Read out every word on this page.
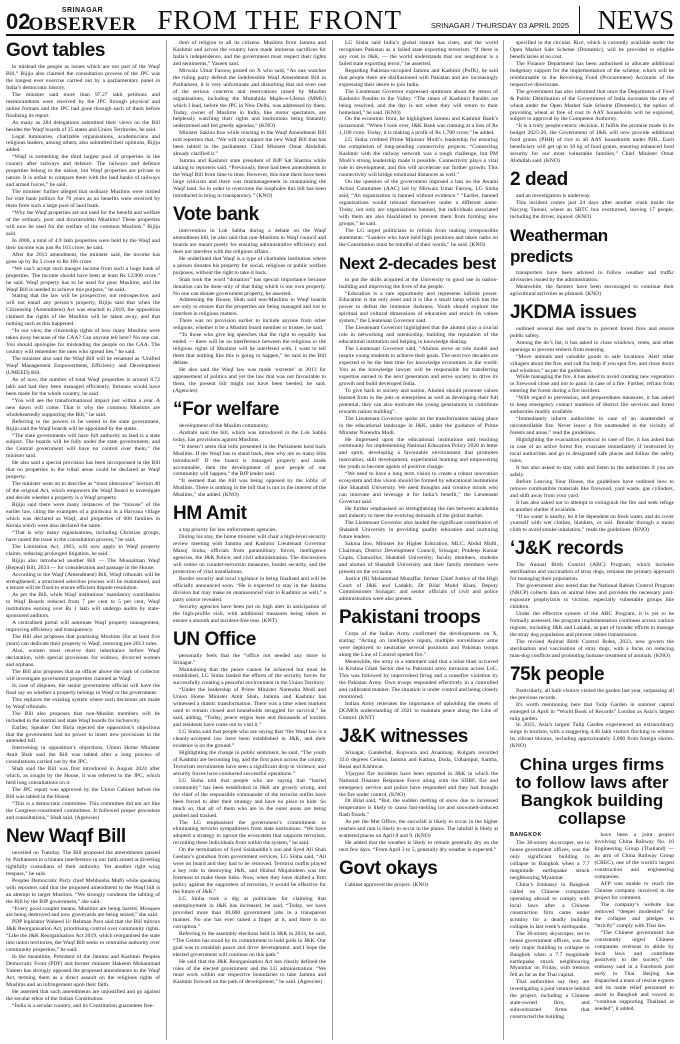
02	SRINAGAR
OBSERVER FROM THE FRONT	SRINAGAR / THURSDAY 03 APRIL 2025	NEWS
Govt tables

to mislead the people as issues which are not part of the Waqf Bill,” Rijiju also claimed the consultation process of the JPC was the longest ever exercise carried out by a parliamentary panel in India’s democratic history.

The minister said more than 97.27 lakh petitions and memorandums were received by the JPC through physical and online formats and the JPC had gone through each of them before finalising its report.

As many as 284 delegations submitted their views on the Bill besides the Waqf boards of 25 states and Union Territories, he said.

Legal luminaries, charitable organisations, academicians and religious leaders, among others, also submitted their opinions, Rijiju added.

“Waqf is something the third largest pool of properties in the country after railways and defence. The railways and defence properties belong to the nation, but Waqf properties are private in nature. It is unfair to compare them with the land banks of railways and armed forces,” he said.

The minister further alleged that ordinary Muslims were misled for vote bank politics for 70 years as no benefits were received by them from such a large pool of land bank.

“Why the Waqf properties are not used for the benefit and welfare of the ordinary, poor and downtrodden Muslims? These properties will now be used for the welfare of the common Muslims,” Rijiju said.

In 2006, a total of 4.9 lakh properties were held by the Waqf and their income was just Rs 163 crore, he said.

After the 2013 amendment, the minister said, the income has gone up by Rs 3 crore to Rs 166 crore.

“We can’t accept such meagre income from such a huge bank of properties. The income should have been at least Rs 12,000 crore,” he said. Waqf property has to be used for poor Muslims, and the Waqf Bill is needed to achieve this purpose,” he said.

Stating that the law will be prospective, not retrospective, and will not entail any person’s property, Rijiju said that when the Citizenship (Amendment) Act was enacted in 2019, the opposition claimed the rights of the Muslims will be taken away, and that nothing such as this happened.

“In our view, the citizenship rights of how many Muslims were taken away because of the CAA? Can anyone tell here? No one can. You should apologise for misleading the people on the CAA. The country will remember the ones who spread lies,” he said.

The minister also said the Waqf Bill will be renamed as ‘Unified Waqf Management Empowerment, Efficiency and Development (UMEED) Bill.

As of now, the number of total Waqf properties is around 8.72 lakh and had they been managed efficiently, fortunes would have been made for the whole country, he said.

“You will see the transformational impact just within a year. A new dawn will come. That is why the common Muslims are wholeheartedly supporting the Bill,” he said.

Referring to the powers to be vested in the state government, Rijiju said the Waqf boards will be appointed by the states.

“The state governments will have full authority as land is a state subject. The boards will be fully under the state governments, and the Central government will have no control over them,” the minister said.

He also said a special provision has been incorporated in the Bill that no properties in the tribal areas could be declared as Waqf property.

The minister went on to describe as “most obnoxious” Section 40 of the original Act, which empowers the Waqf Board to investigate and decide whether a property is a Waqf property.

Rijiju said there were many instances of the “misuse” of the earlier law, citing the examples of a gurdwara in a Haryana village which was declared as Waqf, and properties of 600 families in Kerala which were also declared the same.

“That is why many organisations, including Christian groups, have raised the issue in the consultation process,” he said.

The Limitation Act, 1963, will now apply to Waqf property claims, reducing prolonged litigation, he said.

Rijiju also introduced another Bill — The Mussalman Waqf (Repeal) Bill, 2024 — for consideration and passage in the House.

According to the Waqf (Amendment) Bill, Waqf tribunals will be strengthened, a structured selection process will be maintained, and a tenure will be fixed to ensure efficient dispute resolution.

As per the Bill, while Waqf institutions’ mandatory contribution to Waqf Boards reduced from 7 per cent to 5 per cent, Waqf institutions earning over Rs 1 lakh will undergo audits by state-sponsored auditors.

A centralised portal will automate Waqf property management, improving efficiency and transparency.

The Bill also proposes that practising Muslims (for at least five years) can dedicate their property to Waqf, restoring pre-2013 rules.

Also, women must receive their inheritance before Waqf declaration, with special provisions for widows, divorced women and orphans.

The Bill also proposes that an officer above the rank of collector will investigate government properties claimed as Waqf.

In case of disputes, the senior government official will have the final say on whether a property belongs to Waqf or the government.

This replaces the existing system where such decisions are made by Waqf tribunals.

The Bill also proposes that non-Muslim members will be included in the central and state Waqf boards for inclusivity.

Earlier, Speaker Om Birla rejected the opposition’s objections that the government had no power to insert new provisions in the amended bill.

Intervening in opposition’s objections, Union Home Minister Amit Shah said the Bill was tabled after a long process of consultations carried out by the JPC.

Shah said the Bill was first introduced in August 2024 after which, as sought by the House, it was referred to the JPC, which held long consultations on it.

The JPC report was approved by the Union Cabinet before the Bill was tabled in the House.

“This is a democratic committee. This committee did not act like the Congress-constituted committees. It followed proper procedure and consultations,” Shah said. (Agencies)

New Waqf Bill

unveiled on Tuesday. The Bill proposed the amendments passed by Parliament in a blatant interference in our faith aimed at diverting rightfully custodians of their authority. Yet another right wing trespass,” he said.

Peoples Democratic Party chief Mehbooba Mufti while speaking with reporters said that the proposed amendment to the Waqf bill is an attempt to target Muslims. “We strongly condemn the tabling of the Bill by the BJP government,” she said.

“Every good couplet means, Muslims are being barred, Mosques are being destroyed and now graveyards are being seized,” she said.

PDP legislator Waheed Ur Rehman Para said that the Bill mirrors J&K Reorganisation Act, prioritising control over community rights. “Like the J&K Reorganisation Act 2019, which reorganised the state into union territories, the Waqf Bill seeks to centralise authority over community properties,” he said.

In the meantime, President of the Jammu and Kashmir Peoples Democratic Front (PDF) and former minister Hakeem Mohammad Yaseen has strongly opposed the proposed amendments to the Waqf Act, terming them as a direct assault on the religious rights of Muslims and an infringement upon their faith.

He asserted that such amendments are unjustified and go against the secular ethos of the Indian Constitution.

“India is a secular country, and its Constitution guarantees free-

dom of religion to all its citizens. Muslims from Jammu and Kashmir and across the country have made immense sacrifices for India’s independence, and the government must respect their rights and sentiments,” Yaseen said.

Mirwaiz Umar Farooq posted on X who said, “As one watches the ruling party defend the indefensible Waqf Amendment Bill in Parliament, it is very unfortunate and disturbing that not even one of the serious concerns and reservations raised by Muslim organisations, including the Muttahida Majlis-e-Ulema (MMU) which I lead, before the JPC in New Delhi, was addressed by them. Today, owner of Muslims in India, like motor spectators, are helplessly watching their rights and institutions being blatantly undermined and fed greedy agendas,” (KNO)

Minister Sakina Itoo while reacting to the Waqf Amendment Bill told reporters that, “We will not support the new Waqf Bill that has been tabled in the parliament. Chief Minister Omar Abdullah already clarified it.”

Jammu and Kashmir state president of BJP Sat Sharma while talking to reporters said, “Previously, there had been amendments in the Waqf Bill from time to time. However, this time there have been large criticism and there was mismanagement in maintaining the Waqf land. So in order to overcome the loopholes this bill has been introduced to bring in transparency.” (KNO)

Vote bank

intervention in Lok Sabha during a debate on the Waqf amendment bill, he also said that non-Muslims in Waqf council and boards are meant purely for ensuring administrative efficiency and does not interfere with the religious affairs.

He underlined that Waqf is a type of charitable institution where a person donates his property for social, religious or public welfare purposes, without the right to take it back.

Shah took the word “donation” has special importance because donation can be done only of that thing which is our own property. No one can donate government property, he asserted.

Addressing the House, Shah said non-Muslims in Waqf boards are only to ensure that the properties are being managed and not to interfere in religious matters.

There was no provision earlier to include anyone from other religions, whether it be a Muslim board member or trustee, he said.

“To those who give big speeches that the right to equality has ended — there will be no interference between the religious or the religious rights of Muslims will be interfered with, I want to tell them that nothing like this is going to happen,” he said in the Bill debate.

He also said the Waqf law was made ‘extreme’ in 2013 for appeasement of politics and yet the law that was not favourable to them, the present bill might not have been needed, he said. (Agencies)

“For welfare

development of the Muslim community.

Andrabi said the bill, which was introduced in the Lok Sabha today, has provisions against Muslims.

“It doesn’t seem that bills presented in the Parliament hold back Muslims. If the Waqf has to stand back, then why are so many bills introduced? If the board is managed properly and made accountable, then the development of poor people of our community will happen,” the BJP leader said.

“It seemed that the bill was being opposed by the lobby of Muslims. There is nothing in the bill that is not in the interest of the Muslims,” she added. (KNO)

HM Amit

a top priority for law enforcement agencies.

During his stay, the home minister will chair a high-level security review meeting with Jammu and Kashmir Lieutenant Governor Manoj Sinha, officials from paramilitary forces, intelligence agencies, the J&K Police, and civil administration. The discussions will center on counter-terrorism measures, border security, and the protection of vital installations.

Border security and local vigilance in being finalised and will be officially announced soon. “He is expected to stay in the Jammu division but may make an unannounced visit to Kashmir as well,” a party source revealed.

Security agencies have been put on high alert in anticipation of the high-profile visit, with additional measures being taken to ensure a smooth and incident-free tour. (KNT)

UN Office

personally feels that the “office not needed any more in Srinagar.”

Maintaining that the peace cannot be achieved but must be established, LG Sinha lauded the efforts of the security forces for successfully creating a peaceful environment in the Union Territory.

“Under the leadership of Prime Minister Narendra Modi and Union Home Minister Amit Shah, Jammu and Kashmir has witnessed a drastic transformation. There was a time when markets used to remain closed and households struggled for survival,” he said, adding, “Today, peace reigns here and thousands of tourists and residents have come out to visit it.”

LG Sinha said that people who are saying that “the Waqf law is a cleanly-accepted law have been established in J&K, and their evidence is on the ground.”

Highlighting the change in public sentiment, he said, “The youth of Kashmir are becoming big, and the first pawn across the country. Terrorism recruitments have seen a significant drop in violence, and security forces have conducted successful operations.”

LG Sinha told that people who are saying that “barred community” has been established in J&K are grossly wrong, and the chief of the responsible commander of the terrorist outfits have been forced to alter their strategy and have no place to hide. So much so, that all of them who are in the outer areas are being pushed and tracked.

The LG emphasised the government’s commitment to eliminating terrorist sympathisers from state institutions. “We have adopted a strategy to uproot the ecosystem that supports terrorism, recruiting these individuals from within the system,” he said.

On the termination of Syed Salahuddin’s son and Syed Ali Shah Geelani’s grandson from government services, LG Sinha said, “All were on board and they had to be removed. Terrorist outfits played a key role in destroying J&K, and Hizbul Mujahideen was the foremost to make these links. Now, when they have drafted a firm policy against the supporters of terrorists, it would be effective for the future of J&K.”

LG Sinha took a dig at politicians for claiming that unemployment in J&K has increased, he said, “Today, we have provided more than 40,000 government jobs in a transparent manner. No one has ever raised a finger at it, and there is no corruption.”

Referring to the assembly elections held in J&K in 2024, he said, “The Centre has stood by its commitment to hold polls in J&K. Our goal was to establish peace and drive development, and I hope the elected government will continue on this path.”

He said that the J&K Reorganisation Act has clearly defined the roles of the elected government and the LG administration. “We must work within our respective boundaries to take Jammu and Kashmir forward on the path of development,” he said. (Agencies)

LG Sinha said India’s global stature has risen, and the world recognises Pakistan as a failed state exporting terrorism. “If there is any cost in J&K, — the world understands that our neighbour is a failed state exporting terror,” he asserted.

Regarding Pakistan-occupied Jammu and Kashmir (PoJK), he said that people there are disillusioned with Pakistan and are increasingly expressing their desire to join India.

The Lieutenant Governor expressed optimism about the return of Kashmiri Pandits to the Valley. “The times of Kashmiri Pandits are being resolved, and the day is not when they will return to their homeland,” he said. (KNO)

On the economic front, he highlighted Jammu and Kashmir Bank’s turnaround. “When I took over, J&K Bank was running at a loss of Rs 1,100 crore. Today, it is making a profit of Rs 1,700 crore,” he added.

LG Sinha credited Prime Minister Modi’s leadership for ensuring the completion of long-pending connectivity projects. “Connecting Kashmir with the railway network was a tough challenge, but PM Modi’s strong leadership made it possible. Connectivity plays a vital role in development, and this will accelerate our further growth. This connectivity will bridge emotional distances as well.”

On the question of the government imposed a ban on the Awami Action Committee (AAC) led by Mirwaiz Umar Farooq, LG Sinha said, “An organisation is banned without evidence.” “Earlier, banned organisations would rebrand themselves under a different name. Today, not only are organisations banned, but individuals associated with them are also blacklisted to prevent them from forming new groups,” he said.

The LG urged politicians to refrain from making irresponsible statements. “Leaders who have held high positions and taken oaths on the Constitution must be mindful of their words,” he said. (KNO)

Next 2-decades best

to put the skills acquired at the University to good use in nation-building and improving the lives of the people.

“Education is a rare opportunity and represents infinite power. Education is the only asset and it is like a small lamp which has the power to defeat the immense darkness. Youth should explore the spiritual and cultural dimensions of education and enrich its values system,” the Lieutenant Governor said.

The Lieutenant Governor highlighted that the alumni play a crucial role in networking and mentorship, building the reputation of the educational institution and helping in knowledge sharing.

The Lieutenant Governor said, “Alumni serve as role model and inspire young students to achieve their goals. The next two decades are expected to be the best time for knowledge economies in the world. You as the knowledge lawyer will be responsible for transferring expertise earned to the next generation and serve society to drive its growth and build developed India.

To give back to society and nation, Alumni should promote values learned from in the jobs or enterprises as well as developing their full potential, they can also motivate the young generations to contribute towards nation building”.

The Lieutenant Governor spoke on the transformation taking place in the educational landscape in J&K, under the guidance of Prime Minister Narendra Modi.

He impressed upon the educational institutions and teaching community for implementing National Education Policy 2020 in letter and spirit, developing a favourable environment that promotes innovation, skill development, experiential learning and empowering the youth to become agents of positive change.

“We need to have a long term vision to create a robust innovation ecosystem and this vision should be formed by educational institutions like Shatabdi University. We need thoughts and creative minds who can innovate and leverage it for India’s benefit,” the Lieutenant Governor said.

He further emphasised on strengthening the ties between academia and industry to meet the evolving demands of the global market.

The Lieutenant Governor also lauded the significant contribution of Shatabdi University in providing quality education and nurturing future leaders.

Sakina Itoo, Minister for Higher Education, MLC; Abdul Mufti, Chairman, District Development Council, Srinagar; Pradeep Kumar Gupta, Chancellor, Shatabdi University; faculty members, students and alumni of Shatabdi University and their family members were present on the occasion.

Justice (R) Mohammad Muzaffar, former Chief Justice of the High Court of J&K and Ladakh; Dr Bilal Mohd Khan, Deputy Commissioner Srinagar; and senior officials of civil and police administration were also present.

Pakistani troops

Corps of the Indian Army confirmed the developments on X, stating: “Acting on intelligence inputs, multiple surveillance arms were deployed to neutralise several positions and Pakistan troops along the Line of Control opened fire.”

Meanwhile, the army in a statement said that a mine blast occurred in Krishna Ghati Sector due to Pakistani army intrusion across LoC. This was followed by unprovoked firing and a ceasefire violation by the Pakistan Army. Own troops responded effectively in a controlled and calibrated manner. The situation is under control and being closely monitored.

Indian Army reiterates the importance of upholding the tenets of DGMOs understanding of 2021 to maintain peace along the Line of Control. (KNT)

J&K witnesses

Srinagar, Ganderbal, Kupwara and Anantnag. Kulgam recorded 33.0 degrees Celsius, Jammu and Kathua, Doda, Udhampur, Samba, Reasi and Kishtwar.

Vijaypur fire incidents have been reported in J&K in which the National Disaster Response Force along with the SDRF, fire and emergency service and police have responded and they had brought the fire under control. (KNO)

Dr Bilal said, “But, the sudden melting of snow due to increased temperature is likely to cause fast-melting ice and snowmelt-induced flash floods.”

As per the Met Office, the snowfall is likely to occur in the higher reaches and rain is likely to occur in the plains. The rainfall is likely at scattered places on April 8 and 9. (KNO)

He added that the weather is likely to remain generally dry on the next few days. “From April 3 to 5, generally dry weather is expected.”

Govt okays

Cabinet approved the project. (KNO)

specified in the circular. Rice, which is currently available under the Open Market Sale Scheme (Domestic), will be provided to eligible beneficiaries at no cost.

The Finance Department has been authorised to allocate additional budgetary support for the implementation of the scheme, which will be reimbursable to the Revolving Fund (Procurement) Accounts of the respective directorate.

The government has also informed that once the Department of Food & Public Distribution of the Government of India increases the rate of wheat under the Open Market Sale Scheme (Domestic), the option of providing wheat at free of cost to AAY households will be explored, subject to approval by the Competent Authority.

“It is a truly people-centric decision. It fulfils the promise made in its budget 2025-26, the Government of J&K will now provide additional food grains (PHH) of rice to all AAY households under PHL. Each beneficiary will get up to 10 kg of food grains, ensuring enhanced food security for our most vulnerable families,” Chief Minister Omar Abdullah said. (KNO)

2 dead

and an investigation is underway.

This incident comes just 24 days after another crash inside the Navyug Tunnel, where an SRTC bus overturned, leaving 17 people, including the driver, injured. (KNO)

Weatherman predicts

transporters have been advised to follow weather and traffic advisories issued by the administration.

Meanwhile, the farmers have been encouraged to continue their agricultural activities as planned. (KNO)

JKDMA issues

outlined several dos and don’ts to prevent forest fires and ensure public safety.

Among the do’s list, it has asked to close windows, vents, and other openings to prevent embers from entering.

“Move animals and valuable goods to safe locations. Alert other villagers about the fire, and call for help if you spot fire, and close doors and windows,” as per the guidelines.

While managing the fire, it has asked to avoid creating new vegetation or firewood close and not to panic in case of a fire. Further, refrain from entering the forest during a fire incident.

“With regard to prevention, and preparedness measures, it has asked to keep emergency contact numbers of district fire services and forest authorities readily available.

“Immediately inform authorities in case of an unattended or uncontrollable fire. Never leave a fire unattended in the vicinity of forests and areas,” read the guidelines.

Highlighting the evacuation protocol in case of fire, it has asked that in case of an active forest fire, evacuate immediately if instructed by local authorities and go to designated safe places and follow the safety rules.

It has also asked to stay calm and listen to the authorities if you are safely.

Before Leaving Your House, the guidelines have outlined how to remove combustible materials like firewood, yard waste, gas cylinders, and shift away from your yard.

It has also asked not to attempt to extinguish the fire and seek refuge in another shelter if available.

“If no water is nearby, let it be dependent on fresh water, and do cover yourself with wet clothes, blankets, or soil. Breathe through a moist cloth to avoid smoke inhalation,” reads the guidelines. (KNO)

‘J&K records

The Annual Birth Control (ABC) Program, which includes sterilisation and vaccination of stray dogs, remains the primary approach for managing their population.

The government also noted that the National Rabies Control Program (NRCP) collects data on animal bites and provides the necessary post-exposure prophylaxis to victims, especially vulnerable groups like children.

Under the effective system of the ABC Program, it is yet to be formally assessed, the program implementation continues across various regions, including J&K and Ladakh, as part of broader efforts to manage the stray dog population and prevent rabies transmission.

The revised Animal Birth Control Rules, 2023, now govern the sterilisation and vaccination of stray dogs, with a focus on reducing man-dog conflicts and promoting humane treatment of animals. (KNO)

75k people

Particularly, all bulb visitors visited the garden last year, surpassing all the previous records.

It's worth mentioning here that Tulip Garden in summer capital emerged in April in “World Book of Records” London as Asia’s largest tulip garden.

In 2025, Asia’s largest Tulip Garden experienced an extraordinary surge in tourism, with a staggering 4.46 lakh visitors flocking to witness its vibrant blooms, including approximately 2,000 from foreign shores. (KNO)

China urges firms to follow laws after Bangkok building collapse
BANGKOK

The 30-storey skyscraper, set to house government offices, was the only significant building to collapse in Bangkok when a 7.7 magnitude earthquake struck neighbouring Myanmar.

China’s Embassy in Bangkok called on Chinese companies operating abroad to comply with local laws after a Chinese construction firm came under scrutiny for a deadly building collapse in last week’s earthquake.

The 30-storey skyscraper, set to house government offices, was the only major building to collapse in Bangkok when a 7.7 magnitude earthquake struck neighbouring Myanmar on Friday, with tremors felt as far as the Thai capital.

Thai authorities say they are investigating a joint venture behind the project, including a Chinese state-owned firm, and subcontracted firms that constructed the building.

have been a joint project involving China Railway No. 10 Engineering Group (Thailand) — an arm of China Railway Group (CREC), one of the world’s largest construction and engineering companies.

AFP was unable to reach the Chinese company involved in the project for comment.

The company’s website has removed “deeper modesties” for the collapse and pledges to “strictly” comply with Thai law.

“The Chinese government has consistently urged Chinese companies overseas to abide by local laws and contribute positively to the society,” the embassy said in a Facebook post early in Thai. Beijing has dispatched a team of rescue experts and its name relief personnel to assist in Bangkok and vowed to “continue supporting Thailand as needed”, it added.
